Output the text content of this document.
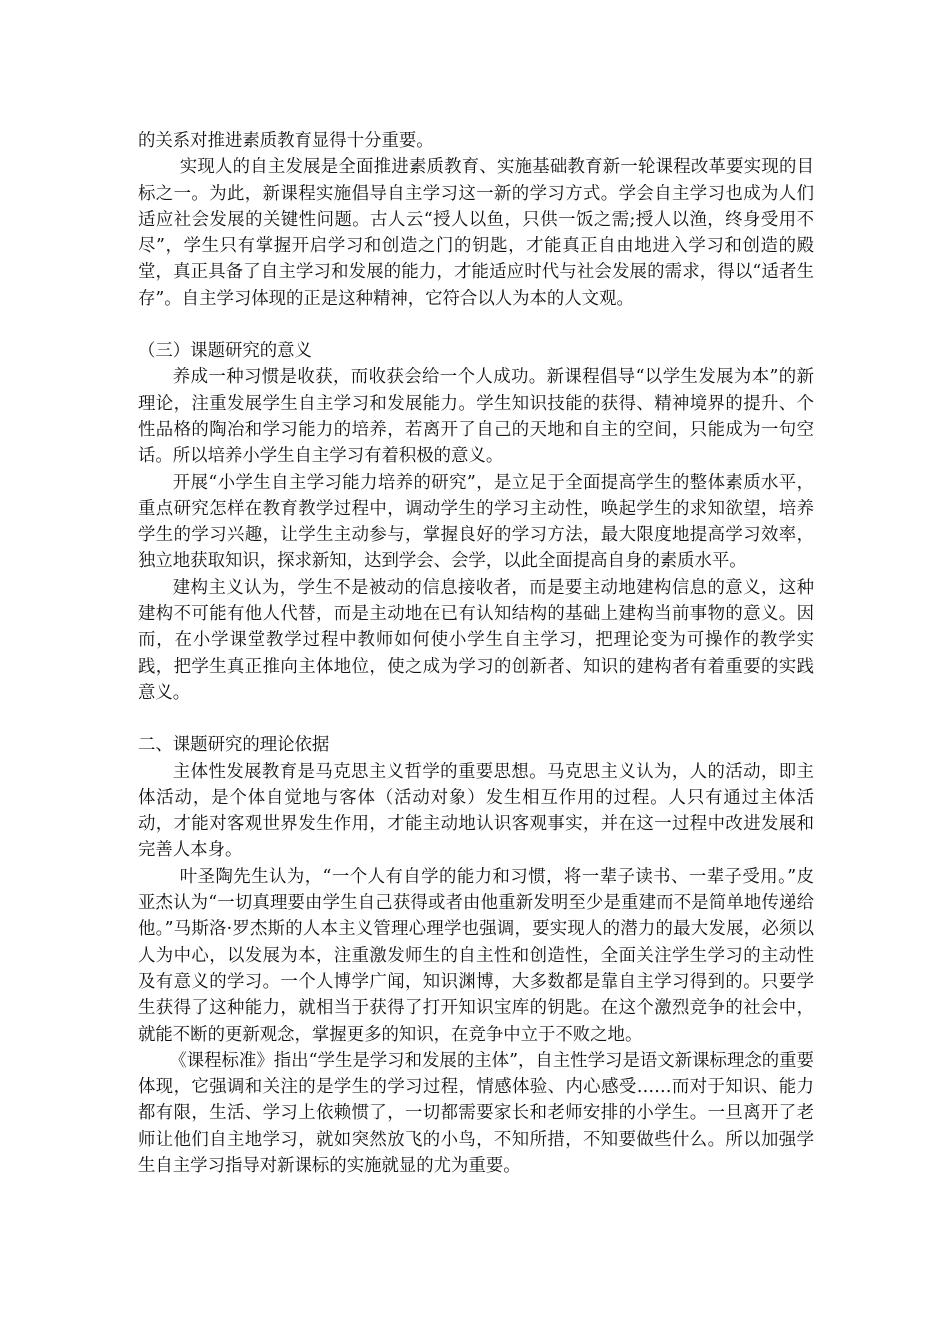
的关系对推进素质教育显得十分重要。

实现人的自主发展是全面推进素质教育、实施基础教育新一轮课程改革要实现的目标之一。为此，新课程实施倡导自主学习这一新的学习方式。学会自主学习也成为人们适应社会发展的关键性问题。古人云“授人以鱼，只供一饭之需;授人以渔，终身受用不尽”，学生只有掌握开启学习和创造之门的钥匙，才能真正自由地进入学习和创造的殿堂，真正具备了自主学习和发展的能力，才能适应时代与社会发展的需求，得以“适者生存”。自主学习体现的正是这种精神，它符合以人为本的人文观。

（三）课题研究的意义

养成一种习惯是收获，而收获会给一个人成功。新课程倡导“以学生发展为本”的新理论，注重发展学生自主学习和发展能力。学生知识技能的获得、精神境界的提升、个性品格的陶冶和学习能力的培养，若离开了自己的天地和自主的空间，只能成为一句空话。所以培养小学生自主学习有着积极的意义。

开展“小学生自主学习能力培养的研究”，是立足于全面提高学生的整体素质水平，重点研究怎样在教育教学过程中，调动学生的学习主动性，唤起学生的求知欲望，培养学生的学习兴趣，让学生主动参与，掌握良好的学习方法，最大限度地提高学习效率，独立地获取知识，探求新知，达到学会、会学，以此全面提高自身的素质水平。

建构主义认为，学生不是被动的信息接收者，而是要主动地建构信息的意义，这种建构不可能有他人代替，而是主动地在已有认知结构的基础上建构当前事物的意义。因而，在小学课堂教学过程中教师如何使小学生自主学习，把理论变为可操作的教学实践，把学生真正推向主体地位，使之成为学习的创新者、知识的建构者有着重要的实践意义。

二、课题研究的理论依据

主体性发展教育是马克思主义哲学的重要思想。马克思主义认为，人的活动，即主体活动，是个体自觉地与客体（活动对象）发生相互作用的过程。人只有通过主体活动，才能对客观世界发生作用，才能主动地认识客观事实，并在这一过程中改进发展和完善人本身。

叶圣陶先生认为，“一个人有自学的能力和习惯，将一辈子读书、一辈子受用。”皮亚杰认为“一切真理要由学生自己获得或者由他重新发明至少是重建而不是简单地传递给他。”马斯洛·罗杰斯的人本主义管理心理学也强调，要实现人的潜力的最大发展，必须以人为中心，以发展为本，注重激发师生的自主性和创造性，全面关注学生学习的主动性及有意义的学习。一个人博学广闻，知识渊博，大多数都是靠自主学习得到的。只要学生获得了这种能力，就相当于获得了打开知识宝库的钥匙。在这个激烈竞争的社会中，就能不断的更新观念，掌握更多的知识，在竞争中立于不败之地。

《课程标准》指出“学生是学习和发展的主体”，自主性学习是语文新课标理念的重要体现，它强调和关注的是学生的学习过程，情感体验、内心感受……而对于知识、能力都有限，生活、学习上依赖惯了，一切都需要家长和老师安排的小学生。一旦离开了老师让他们自主地学习，就如突然放飞的小鸟，不知所措，不知要做些什么。所以加强学生自主学习指导对新课标的实施就显的尤为重要。
